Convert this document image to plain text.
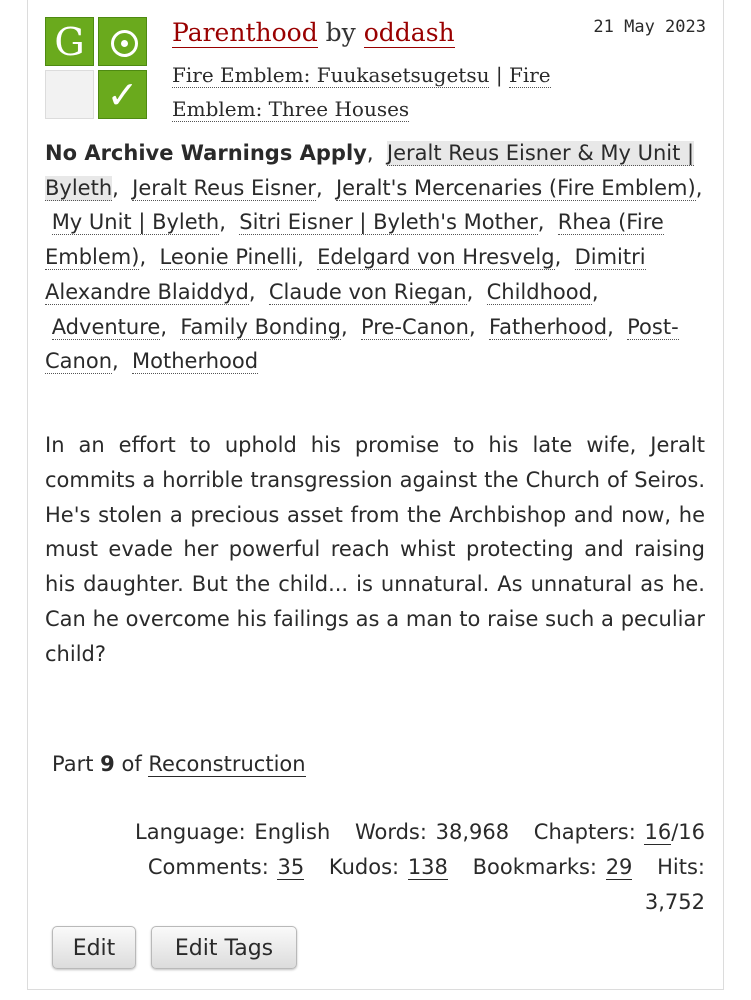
G
✓
Parenthood by oddash
Fire Emblem: Fuukasetsugetsu | Fire Emblem: Three Houses
21 May 2023
No Archive Warnings Apply,  Jeralt Reus Eisner & My Unit | Byleth,  Jeralt Reus Eisner,  Jeralt's Mercenaries (Fire Emblem),  My Unit | Byleth,  Sitri Eisner | Byleth's Mother,  Rhea (Fire Emblem),  Leonie Pinelli,  Edelgard von Hresvelg,  Dimitri Alexandre Blaiddyd,  Claude von Riegan,  Childhood,  Adventure,  Family Bonding,  Pre-Canon,  Fatherhood,  Post-Canon,  Motherhood
In an effort to uphold his promise to his late wife, Jeralt commits a horrible transgression against the Church of Seiros. He's stolen a precious asset from the Archbishop and now, he must evade her powerful reach whist protecting and raising his daughter. But the child... is unnatural. As unnatural as he. Can he overcome his failings as a man to raise such a peculiar child?
Part 9 of Reconstruction
Language: English Words: 38,968 Chapters: 16/16 Comments: 35 Kudos: 138 Bookmarks: 29 Hits: 3,752
Edit	Edit Tags
